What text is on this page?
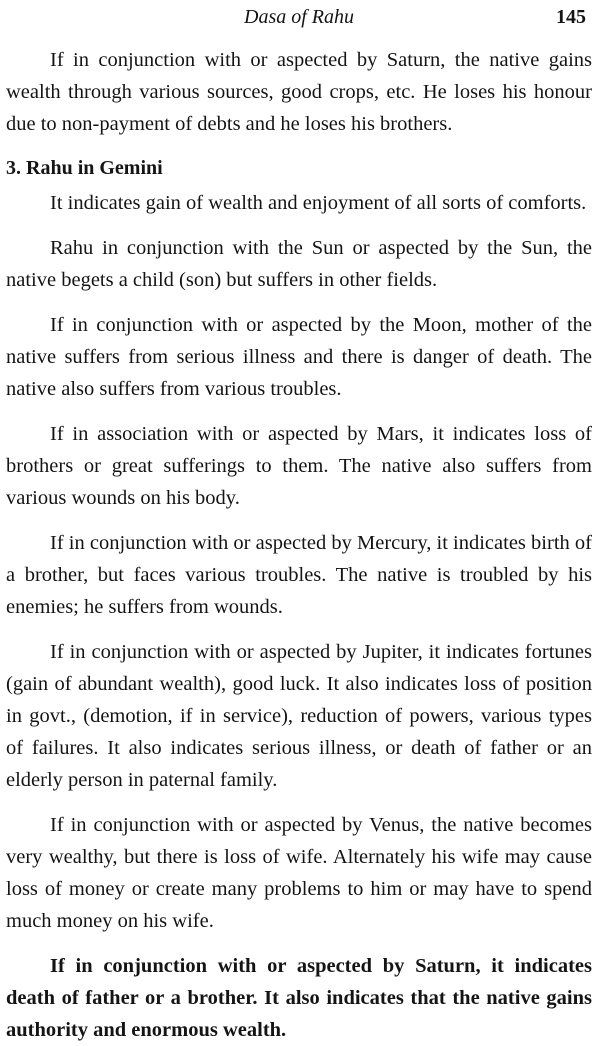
Dasa of Rahu	145

If in conjunction with or aspected by Saturn, the native gains wealth through various sources, good crops, etc. He loses his honour due to non-payment of debts and he loses his brothers.

3. Rahu in Gemini

It indicates gain of wealth and enjoyment of all sorts of comforts.

Rahu in conjunction with the Sun or aspected by the Sun, the native begets a child (son) but suffers in other fields.

If in conjunction with or aspected by the Moon, mother of the native suffers from serious illness and there is danger of death. The native also suffers from various troubles.

If in association with or aspected by Mars, it indicates loss of brothers or great sufferings to them. The native also suffers from various wounds on his body.

If in conjunction with or aspected by Mercury, it indicates birth of a brother, but faces various troubles. The native is troubled by his enemies; he suffers from wounds.

If in conjunction with or aspected by Jupiter, it indicates fortunes (gain of abundant wealth), good luck. It also indicates loss of position in govt., (demotion, if in service), reduction of powers, various types of failures. It also indicates serious illness, or death of father or an elderly person in paternal family.

If in conjunction with or aspected by Venus, the native becomes very wealthy, but there is loss of wife. Alternately his wife may cause loss of money or create many problems to him or may have to spend much money on his wife.

If in conjunction with or aspected by Saturn, it indicates death of father or a brother. It also indicates that the native gains authority and enormous wealth.
